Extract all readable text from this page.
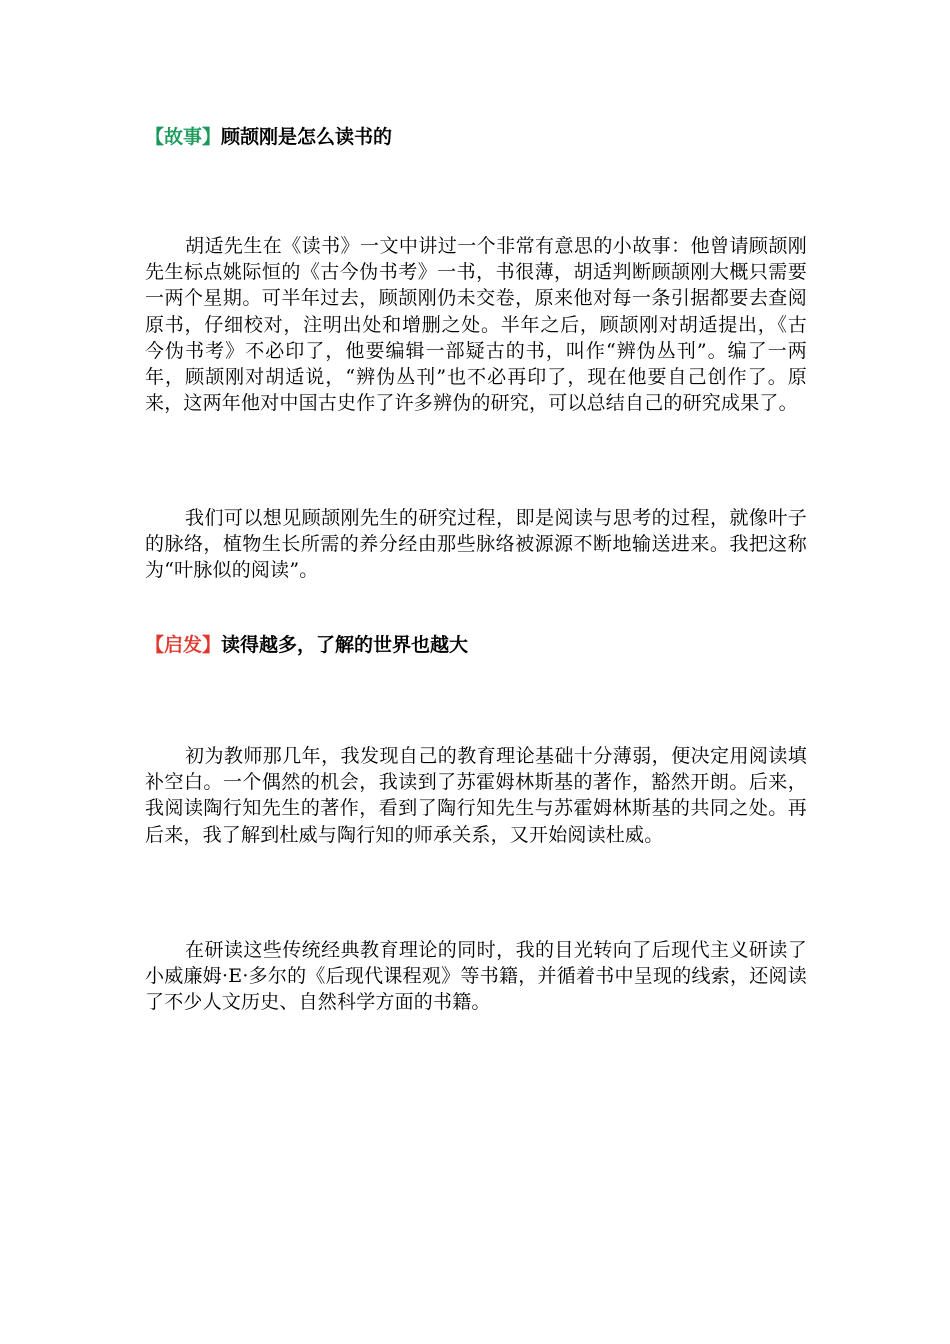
【故事】顾颉刚是怎么读书的

胡适先生在《读书》一文中讲过一个非常有意思的小故事：他曾请顾颉刚先生标点姚际恒的《古今伪书考》一书，书很薄，胡适判断顾颉刚大概只需要一两个星期。可半年过去，顾颉刚仍未交卷，原来他对每一条引据都要去查阅原书，仔细校对，注明出处和增删之处。半年之后，顾颉刚对胡适提出，《古今伪书考》不必印了，他要编辑一部疑古的书，叫作“辨伪丛刊”。编了一两年，顾颉刚对胡适说，“辨伪丛刊”也不必再印了，现在他要自己创作了。原来，这两年他对中国古史作了许多辨伪的研究，可以总结自己的研究成果了。

我们可以想见顾颉刚先生的研究过程，即是阅读与思考的过程，就像叶子的脉络，植物生长所需的养分经由那些脉络被源源不断地输送进来。我把这称为“叶脉似的阅读”。

【启发】读得越多，了解的世界也越大

初为教师那几年，我发现自己的教育理论基础十分薄弱，便决定用阅读填补空白。一个偶然的机会，我读到了苏霍姆林斯基的著作，豁然开朗。后来，我阅读陶行知先生的著作，看到了陶行知先生与苏霍姆林斯基的共同之处。再后来，我了解到杜威与陶行知的师承关系，又开始阅读杜威。

在研读这些传统经典教育理论的同时，我的目光转向了后现代主义研读了小威廉姆·E·多尔的《后现代课程观》等书籍，并循着书中呈现的线索，还阅读了不少人文历史、自然科学方面的书籍。
